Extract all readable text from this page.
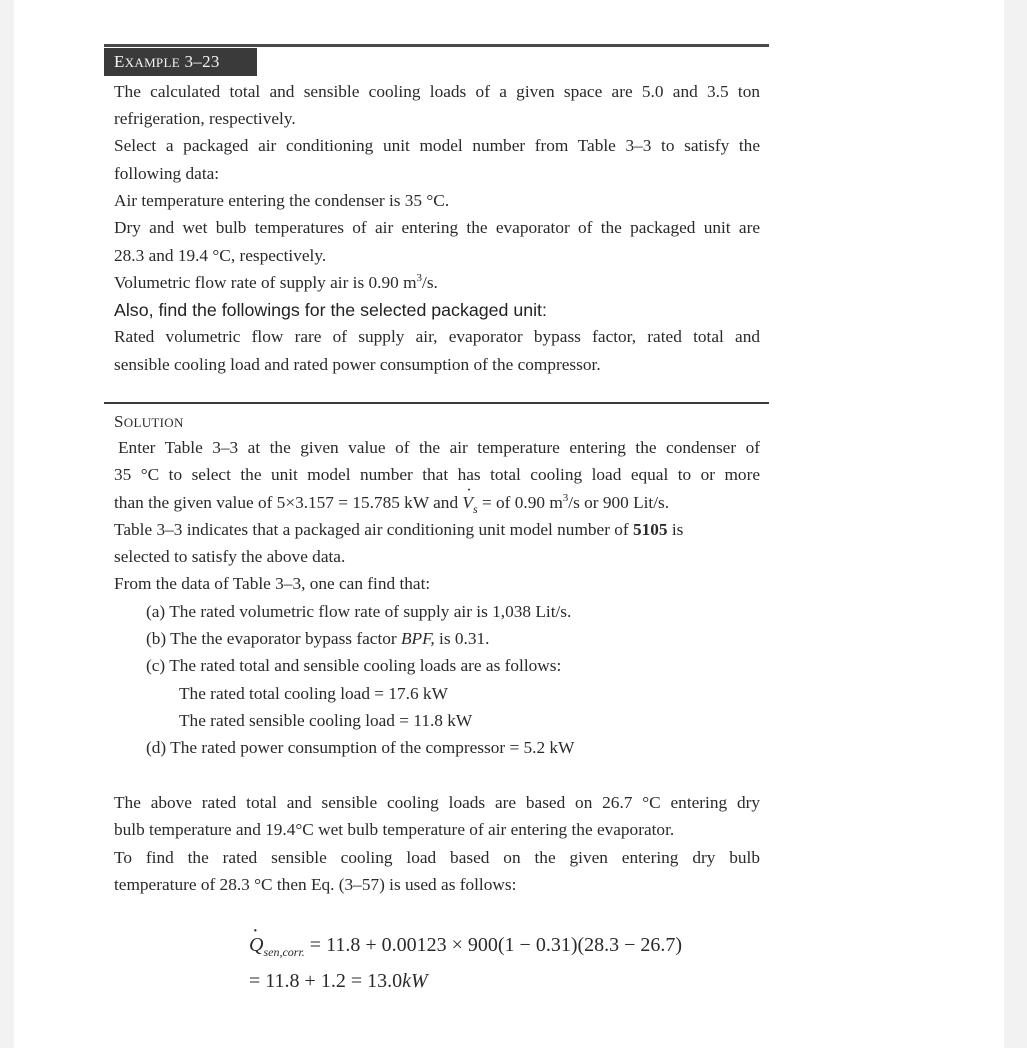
EXAMPLE 3–23
The calculated total and sensible cooling loads of a given space are 5.0 and 3.5 ton
refrigeration, respectively.
Select a packaged air conditioning unit model number from Table 3–3 to satisfy the
following data:
Air temperature entering the condenser is 35 °C.
Dry and wet bulb temperatures of air entering the evaporator of the packaged unit are
28.3 and 19.4 °C, respectively.
Volumetric flow rate of supply air is 0.90 $m^3/s$.
Also, find the followings for the selected packaged unit:
Rated volumetric flow rare of supply air, evaporator bypass factor, rated total and
sensible cooling load and rated power consumption of the compressor.
SOLUTION
Enter Table 3–3 at the given value of the air temperature entering the condenser of
35 °C to select the unit model number that has total cooling load equal to or more
than the given value of 5×3.157 = 15.785 kW and · $V_s$ = of 0.90 $m^3/s$ or 900 Lit/s.
Table 3–3 indicates that a packaged air conditioning unit model number of 5105 is
selected to satisfy the above data.
From the data of Table 3–3, one can find that:
(a) The rated volumetric flow rate of supply air is 1,038 Lit/s.
(b) The the evaporator bypass factor BPF, is 0.31.
(c) The rated total and sensible cooling loads are as follows:
The rated total cooling load = 17.6 kW
The rated sensible cooling load = 11.8 kW
(d) The rated power consumption of the compressor = 5.2 kW
The above rated total and sensible cooling loads are based on 26.7 °C entering dry
bulb temperature and 19.4°C wet bulb temperature of air entering the evaporator.
To find the rated sensible cooling load based on the given entering dry bulb
temperature of 28.3 °C then Eq. (3–57) is used as follows:
· $Q_{sen,corr.} = 11.8 + 0.00123 \times 900(1 - 0.31)(28.3 - 26.7)$
= 11.8 + 1.2 = 13.0kW
